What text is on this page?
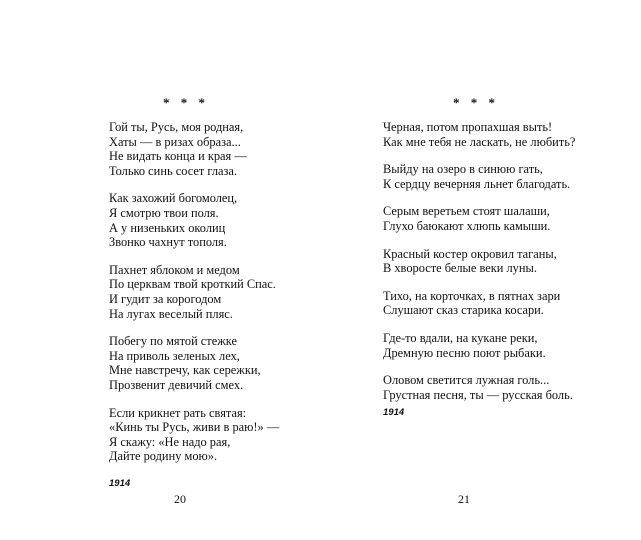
* * *
Гой ты, Русь, моя родная,
Хаты — в ризах образа...
Не видать конца и края —
Только синь сосет глаза.
Как захожий богомолец,
Я смотрю твои поля.
А у низеньких околиц
Звонко чахнут тополя.
Пахнет яблоком и медом
По церквам твой кроткий Спас.
И гудит за корогодом
На лугах веселый пляс.
Побегу по мятой стежке
На приволь зеленых лех,
Мне навстречу, как сережки,
Прозвенит девичий смех.
Если крикнет рать святая:
«Кинь ты Русь, живи в раю!» —
Я скажу: «Не надо рая,
Дайте родину мою».
1914
20
* * *
Черная, потом пропахшая выть!
Как мне тебя не ласкать, не любить?
Выйду на озеро в синюю гать,
К сердцу вечерняя льнет благодать.
Серым веретьем стоят шалаши,
Глухо баюкают хлюпь камыши.
Красный костер окровил таганы,
В хворосте белые веки луны.
Тихо, на корточках, в пятнах зари
Слушают сказ старика косари.
Где-то вдали, на кукане реки,
Дремную песню поют рыбаки.
Оловом светится лужная голь...
Грустная песня, ты — русская боль.
1914
21
